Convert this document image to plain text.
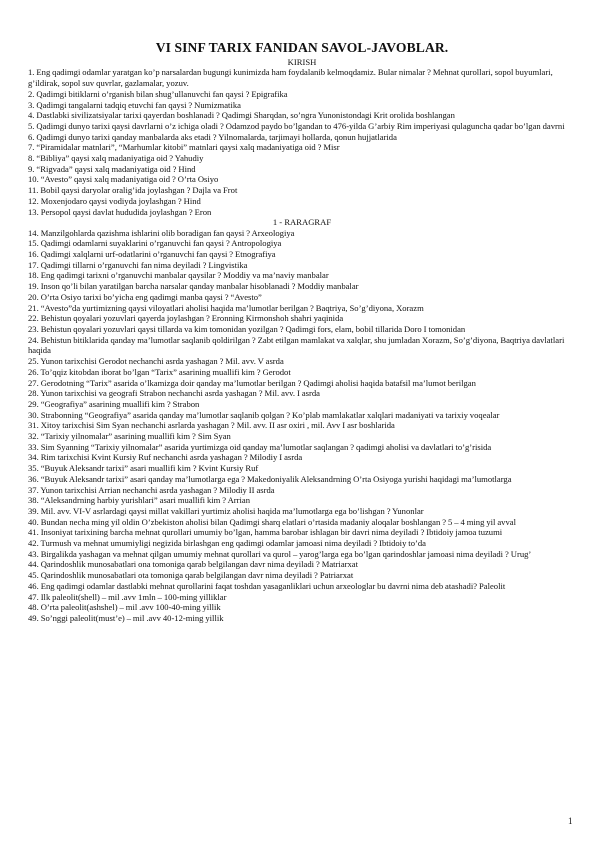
VI SINF TARIX FANIDAN SAVOL-JAVOBLAR.
KIRISH
1. Eng qadimgi odamlar yaratgan ko’p narsalardan bugungi kunimizda ham foydalanib kelmoqdamiz. Bular nimalar ? Mehnat qurollari, sopol buyumlari, g’ildirak, sopol suv quvrlar, gazlamalar, yozuv.
2. Qadimgi bitiklarni o’rganish bilan shug’ullanuvchi fan qaysi ? Epigrafika
3. Qadimgi tangalarni tadqiq etuvchi fan qaysi ? Numizmatika
4. Dastlabki sivilizatsiyalar tarixi qayerdan boshlanadi ? Qadimgi Sharqdan, so’ngra Yunonistondagi Krit orolida boshlangan
5. Qadimgi dunyo tarixi qaysi davrlarni o’z ichiga oladi ? Odamzod paydo bo’lgandan to 476-yilda G’arbiy Rim imperiyasi qulaguncha qadar bo’lgan davrni
6. Qadimgi dunyo tarixi qanday manbalarda aks etadi ? Yilnomalarda, tarjimayi hollarda, qonun hujjatlarida
7. “Piramidalar matnlari”, “Marhumlar kitobi” matnlari qaysi xalq madaniyatiga oid ? Misr
8. “Bibliya” qaysi xalq madaniyatiga oid ? Yahudiy
9. “Rigvada” qaysi xalq madaniyatiga oid ? Hind
10. “Avesto” qaysi xalq madaniyatiga oid ? O’rta Osiyo
11. Bobil qaysi daryolar oralig’ida joylashgan ? Dajla va Frot
12. Moxenjodaro qaysi vodiyda joylashgan ? Hind
13. Persopol qaysi davlat hududida joylashgan ? Eron
1 - RARAGRAF
14. Manzilgohlarda qazishma ishlarini olib boradigan fan qaysi ? Arxeologiya
15. Qadimgi odamlarni suyaklarini o’rganuvchi fan qaysi ? Antropologiya
16. Qadimgi xalqlarni urf-odatlarini o’rganuvchi fan qaysi ? Etnografiya
17. Qadimgi tillarni o’rganuvchi fan nima deyiladi ? Lingvistika
18. Eng qadimgi tarixni o’rganuvchi manbalar qaysilar ? Moddiy va ma’naviy manbalar
19. Inson qo’li bilan yaratilgan barcha narsalar qanday manbalar hisoblanadi ? Moddiy manbalar
20. O’rta Osiyo tarixi bo’yicha eng qadimgi manba qaysi ? “Avesto”
21. “Avesto”da yurtimizning qaysi viloyatlari aholisi haqida ma’lumotlar berilgan ? Baqtriya, So’g’diyona, Xorazm
22. Behistun qoyalari yozuvlari qayerda joylashgan ? Eronning Kirmonshoh shahri yaqinida
23. Behistun qoyalari yozuvlari qaysi tillarda va kim tomonidan yozilgan ? Qadimgi fors, elam, bobil tillarida Doro I tomonidan
24. Behistun bitiklarida qanday ma’lumotlar saqlanib qoldirilgan ? Zabt etilgan mamlakat va xalqlar, shu jumladan Xorazm, So’g’diyona, Baqtriya davlatlari haqida
25. Yunon tarixchisi Gerodot nechanchi asrda yashagan ? Mil. avv. V asrda
26. To’qqiz kitobdan iborat bo’lgan “Tarix” asarining muallifi kim ? Gerodot
27. Gerodotning “Tarix” asarida o’lkamizga doir qanday ma’lumotlar berilgan ? Qadimgi aholisi haqida batafsil ma’lumot berilgan
28. Yunon tarixchisi va geografi Strabon nechanchi asrda yashagan ? Mil. avv. I asrda
29. “Geografiya” asarining muallifi kim ? Strabon
30. Strabonning “Geografiya” asarida qanday ma’lumotlar saqlanib qolgan ? Ko’plab mamlakatlar xalqlari madaniyati va tarixiy voqealar
31. Xitoy tarixchisi Sim Syan nechanchi asrlarda yashagan ? Mil. avv. II asr oxiri , mil. Avv I asr boshlarida
32. “Tarixiy yilnomalar” asarining muallifi kim ? Sim Syan
33. Sim Syanning “Tarixiy yilnomalar” asarida yurtimizga oid qanday ma’lumotlar saqlangan ? qadimgi aholisi va davlatlari to’g’risida
34. Rim tarixchisi Kvint Kursiy Ruf nechanchi asrda yashagan ? Milodiy I asrda
35. “Buyuk Aleksandr tarixi” asari muallifi kim ? Kvint Kursiy Ruf
36. “Buyuk Aleksandr tarixi” asari qanday ma’lumotlarga ega ? Makedoniyalik Aleksandrning O’rta Osiyoga yurishi haqidagi ma’lumotlarga
37. Yunon tarixchisi Arrian nechanchi asrda yashagan ? Milodiy II asrda
38. “Aleksandrning harbiy yurishlari” asari muallifi kim ? Arrian
39. Mil. avv. VI-V asrlardagi qaysi millat vakillari yurtimiz aholisi haqida ma’lumotlarga ega bo’lishgan ? Yunonlar
40. Bundan necha ming yil oldin O’zbekiston aholisi bilan Qadimgi sharq elatlari o’rtasida madaniy aloqalar boshlangan ? 5 – 4 ming yil avval
41. Insoniyat tarixining barcha mehnat qurollari umumiy bo’lgan, hamma barobar ishlagan bir davri nima deyiladi ? Ibtidoiy jamoa tuzumi
42. Turmush va mehnat umumiyligi negizida birlashgan eng qadimgi odamlar jamoasi nima deyiladi ? Ibtidoiy to’da
43. Birgalikda yashagan va mehnat qilgan umumiy mehnat qurollari va qurol – yarog’larga ega bo’lgan qarindoshlar jamoasi nima deyiladi ? Urug’
44. Qarindoshlik munosabatlari ona tomoniga qarab belgilangan davr nima deyiladi ? Matriarxat
45. Qarindoshlik munosabatlari ota tomoniga qarab belgilangan davr nima deyiladi ? Patriarxat
46. Eng qadimgi odamlar dastlabki mehnat qurollarini faqat toshdan yasaganliklari uchun arxeologlar bu davrni nima deb atashadi? Paleolit
47. Ilk paleolit(shell) – mil .avv 1mln – 100-ming yilliklar
48. O’rta paleolit(ashshel) – mil .avv 100-40-ming yillik
49. So’nggi paleolit(must’e) – mil .avv 40-12-ming yillik
1
